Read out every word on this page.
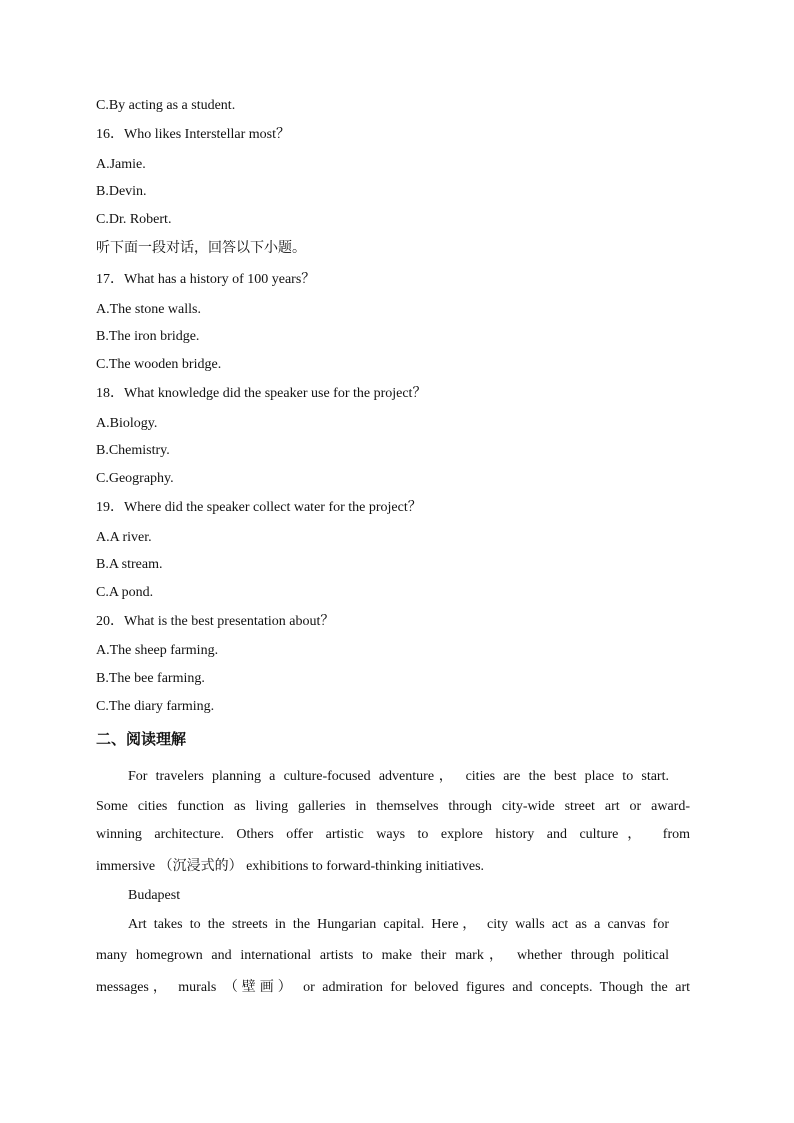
C.By acting as a student.
16．Who likes Interstellar most？
A.Jamie.
B.Devin.
C.Dr. Robert.
听下面一段对话，回答以下小题。
17．What has a history of 100 years？
A.The stone walls.
B.The iron bridge.
C.The wooden bridge.
18．What knowledge did the speaker use for the project？
A.Biology.
B.Chemistry.
C.Geography.
19．Where did the speaker collect water for the project？
A.A river.
B.A stream.
C.A pond.
20．What is the best presentation about？
A.The sheep farming.
B.The bee farming.
C.The diary farming.
二、阅读理解
For travelers planning a culture-focused adventure， cities are the best place to start.
Some cities function as living galleries in themselves through city-wide street art or award-
winning architecture. Others offer artistic ways to explore history and culture， from
immersive （沉浸式的） exhibitions to forward-thinking initiatives.
Budapest
Art takes to the streets in the Hungarian capital. Here， city walls act as a canvas for
many homegrown and international artists to make their mark， whether through political
messages， murals （壁画） or admiration for beloved figures and concepts. Though the art
